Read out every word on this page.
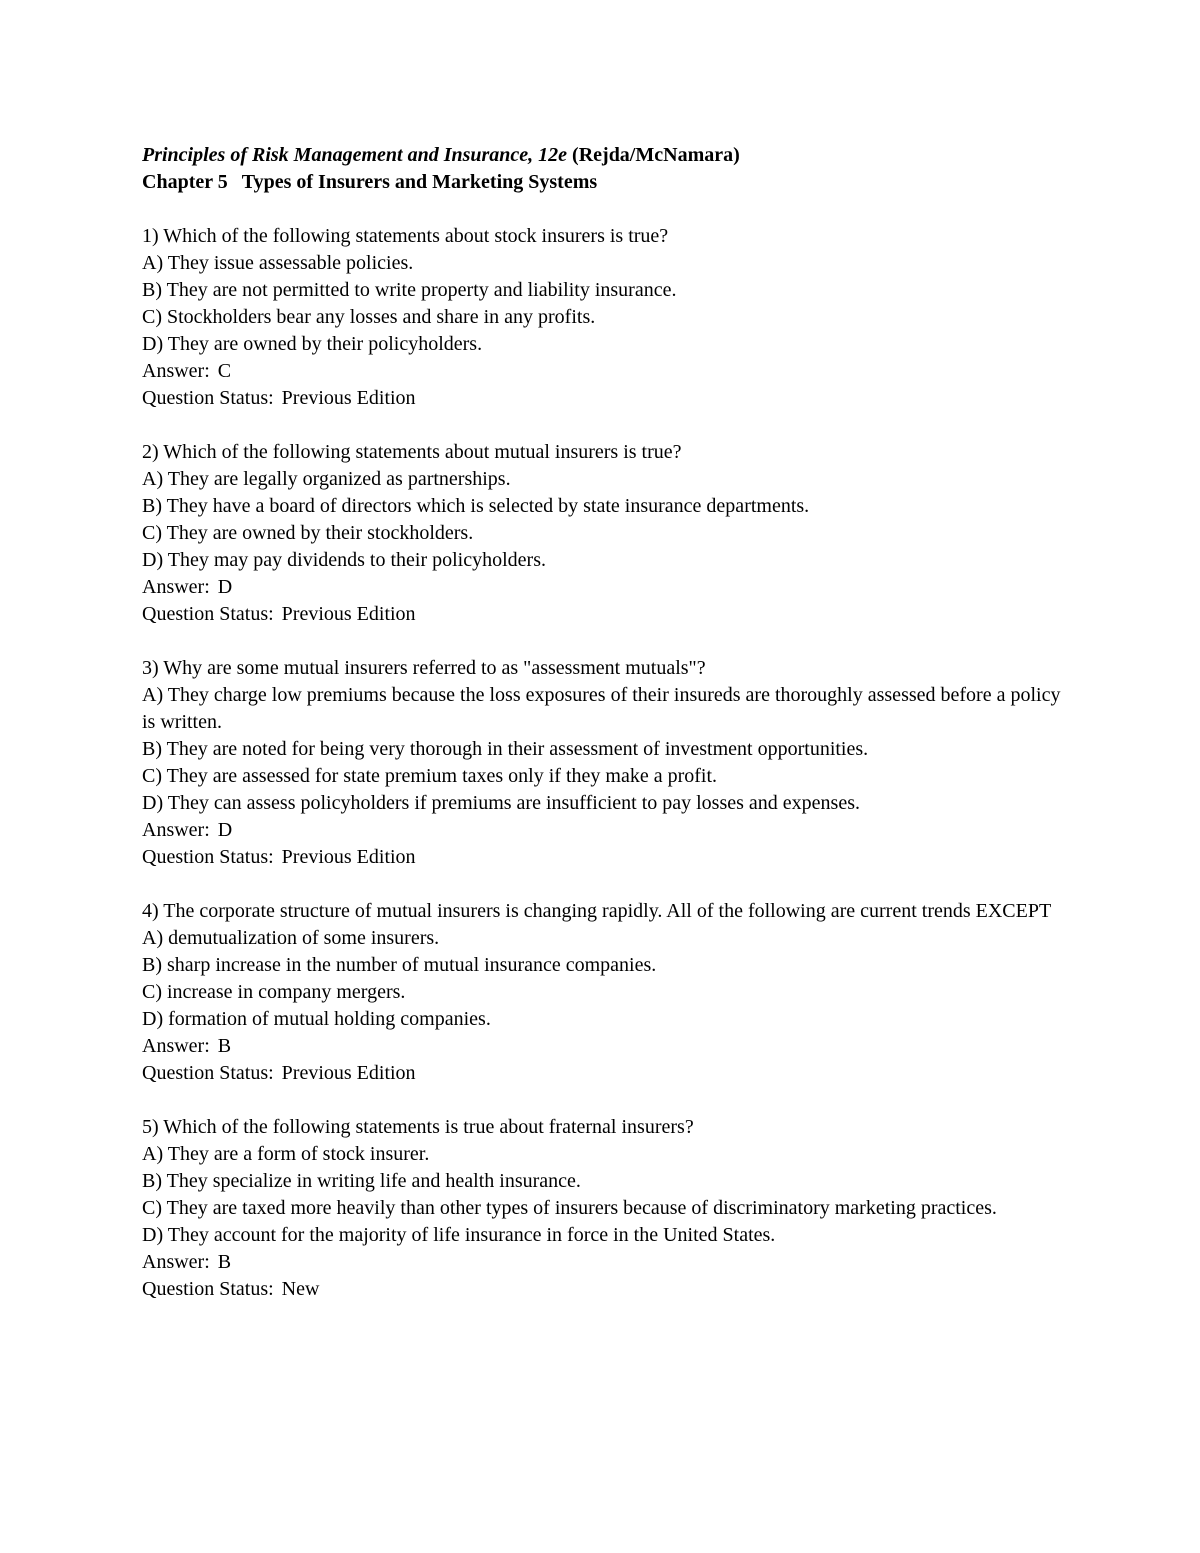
Principles of Risk Management and Insurance, 12e (Rejda/McNamara)

Chapter 5 Types of Insurers and Marketing Systems

1) Which of the following statements about stock insurers is true?

A) They issue assessable policies.

B) They are not permitted to write property and liability insurance.

C) Stockholders bear any losses and share in any profits.

D) They are owned by their policyholders.

Answer: C

Question Status: Previous Edition

2) Which of the following statements about mutual insurers is true?

A) They are legally organized as partnerships.

B) They have a board of directors which is selected by state insurance departments.

C) They are owned by their stockholders.

D) They may pay dividends to their policyholders.

Answer: D

Question Status: Previous Edition

3) Why are some mutual insurers referred to as "assessment mutuals"?

A) They charge low premiums because the loss exposures of their insureds are thoroughly assessed before a policy is written.

B) They are noted for being very thorough in their assessment of investment opportunities.

C) They are assessed for state premium taxes only if they make a profit.

D) They can assess policyholders if premiums are insufficient to pay losses and expenses.

Answer: D

Question Status: Previous Edition

4) The corporate structure of mutual insurers is changing rapidly. All of the following are current trends EXCEPT

A) demutualization of some insurers.

B) sharp increase in the number of mutual insurance companies.

C) increase in company mergers.

D) formation of mutual holding companies.

Answer: B

Question Status: Previous Edition

5) Which of the following statements is true about fraternal insurers?

A) They are a form of stock insurer.

B) They specialize in writing life and health insurance.

C) They are taxed more heavily than other types of insurers because of discriminatory marketing practices.

D) They account for the majority of life insurance in force in the United States.

Answer: B

Question Status: New
